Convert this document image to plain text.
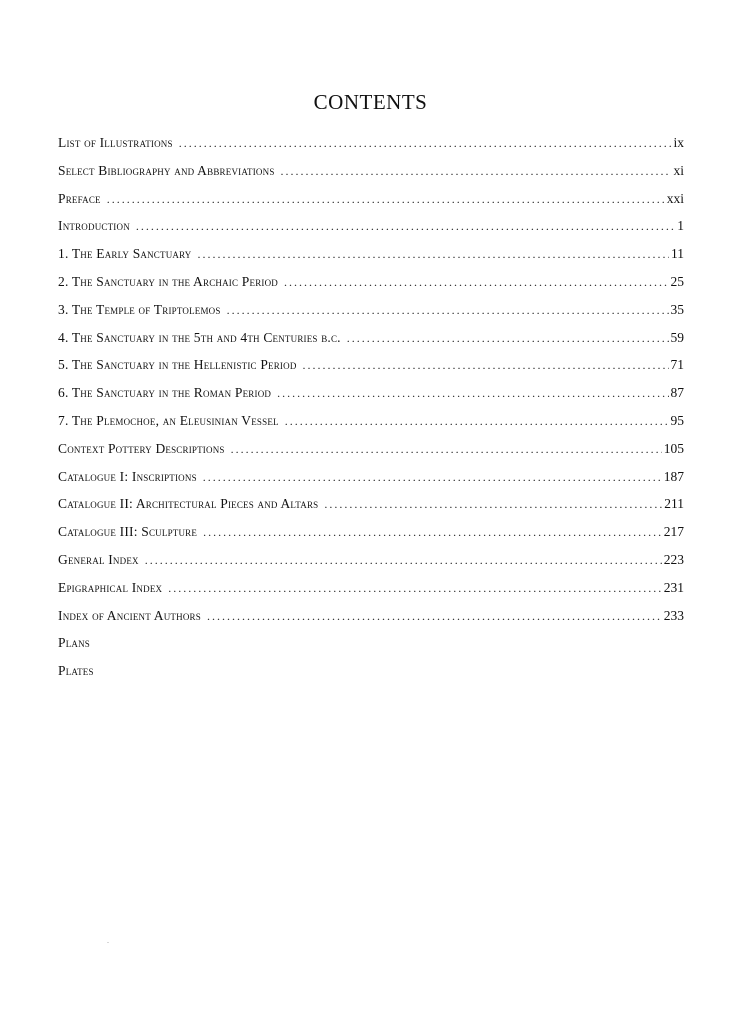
CONTENTS
List of Illustrations . . .	ix
Select Bibliography and Abbreviations . . .	xi
Preface . . .	xxi
Introduction . . .	1
1. The Early Sanctuary . . .	11
2. The Sanctuary in the Archaic Period . . .	25
3. The Temple of Triptolemos . . .	35
4. The Sanctuary in the 5th and 4th Centuries b.c. . . .	59
5. The Sanctuary in the Hellenistic Period . . .	71
6. The Sanctuary in the Roman Period . . .	87
7. The Plemochoe, an Eleusinian Vessel . . .	95
Context Pottery Descriptions . . .	105
Catalogue I: Inscriptions . . .	187
Catalogue II: Architectural Pieces and Altars . . .	211
Catalogue III: Sculpture . . .	217
General Index . . .	223
Epigraphical Index . . .	231
Index of Ancient Authors . . .	233
Plans
Plates
